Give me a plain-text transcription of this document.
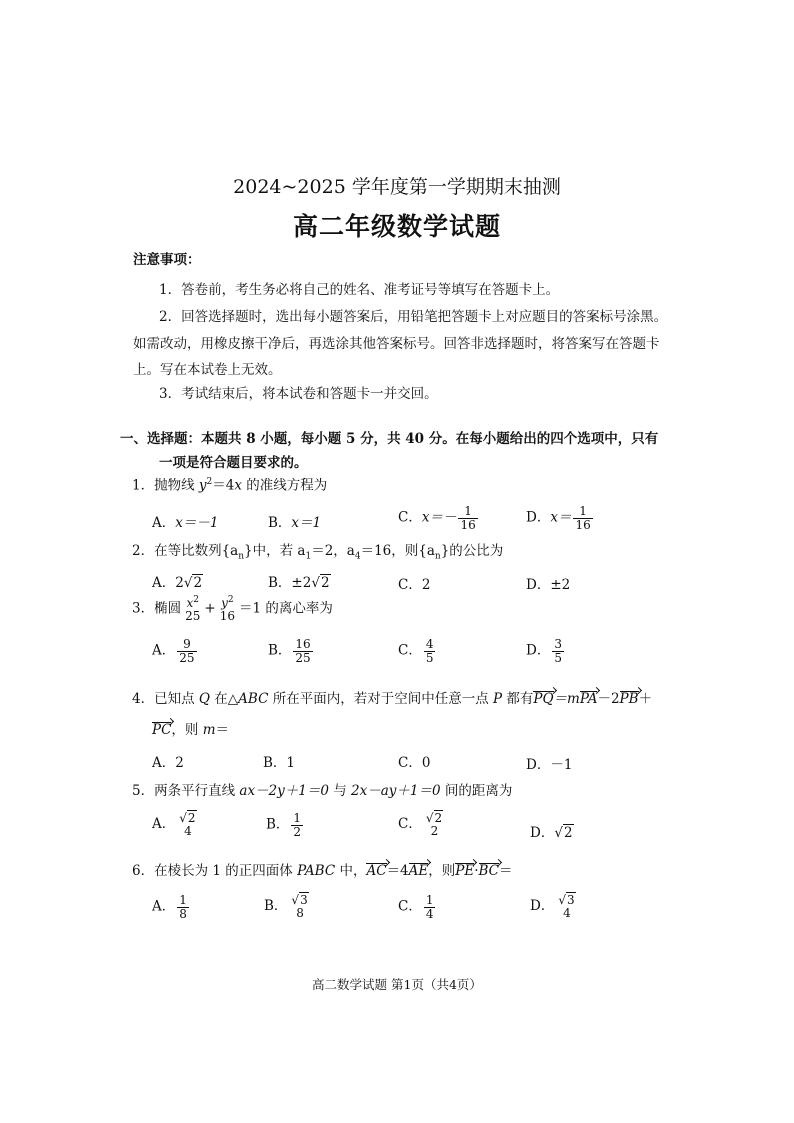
2024~2025 学年度第一学期期末抽测
高二年级数学试题
注意事项：
1．答卷前，考生务必将自己的姓名、准考证号等填写在答题卡上。
2．回答选择题时，选出每小题答案后，用铅笔把答题卡上对应题目的答案标号涂黑。
如需改动，用橡皮擦干净后，再选涂其他答案标号。回答非选择题时，将答案写在答题卡
上。写在本试卷上无效。
3．考试结束后，将本试卷和答题卡一并交回。
一、选择题：本题共 8 小题，每小题 5 分，共 40 分。在每小题给出的四个选项中，只有
一项是符合题目要求的。
1．抛物线 $y^2=4x$ 的准线方程为
A．x＝－1	B．x＝1	C．$x=- \frac{1}{16}$	D．$x= \frac{1}{16}$
2．在等比数列$\{a_n\}$中，若 $a_1=2$，$a_4=16$，则$\{a_n\}$的公比为
A．2√2	B．±2√2	C．2	D．±2
3．椭圆 $x^2$
$25 + y^2$
16 ＝1 的离心率为
A． $\frac{9}{25}$	B． $\frac{16}{25}$	C． $\frac{4}{5}$	D． $\frac{3}{5}$
4．已知点 Q 在△ABC 所在平面内，若对于空间中任意一点 P 都有PQ＝mPA－2PB＋
PC，则 m＝
A．2	B．1	C．0	D．－1
5．两条平行直线 ax－2y＋1＝0 与 2x－ay＋1＝0 间的距离为
A． √2
4	B． $\frac{1}{2}$	C． √2
2	D．√2
6．在棱长为 1 的正四面体 PABC 中，AC＝4AE，则PE·BC＝
A． $\frac{1}{8}$	B． √3
8	C． $\frac{1}{4}$	D． √3
4
高二数学试题 第1页（共4页）
